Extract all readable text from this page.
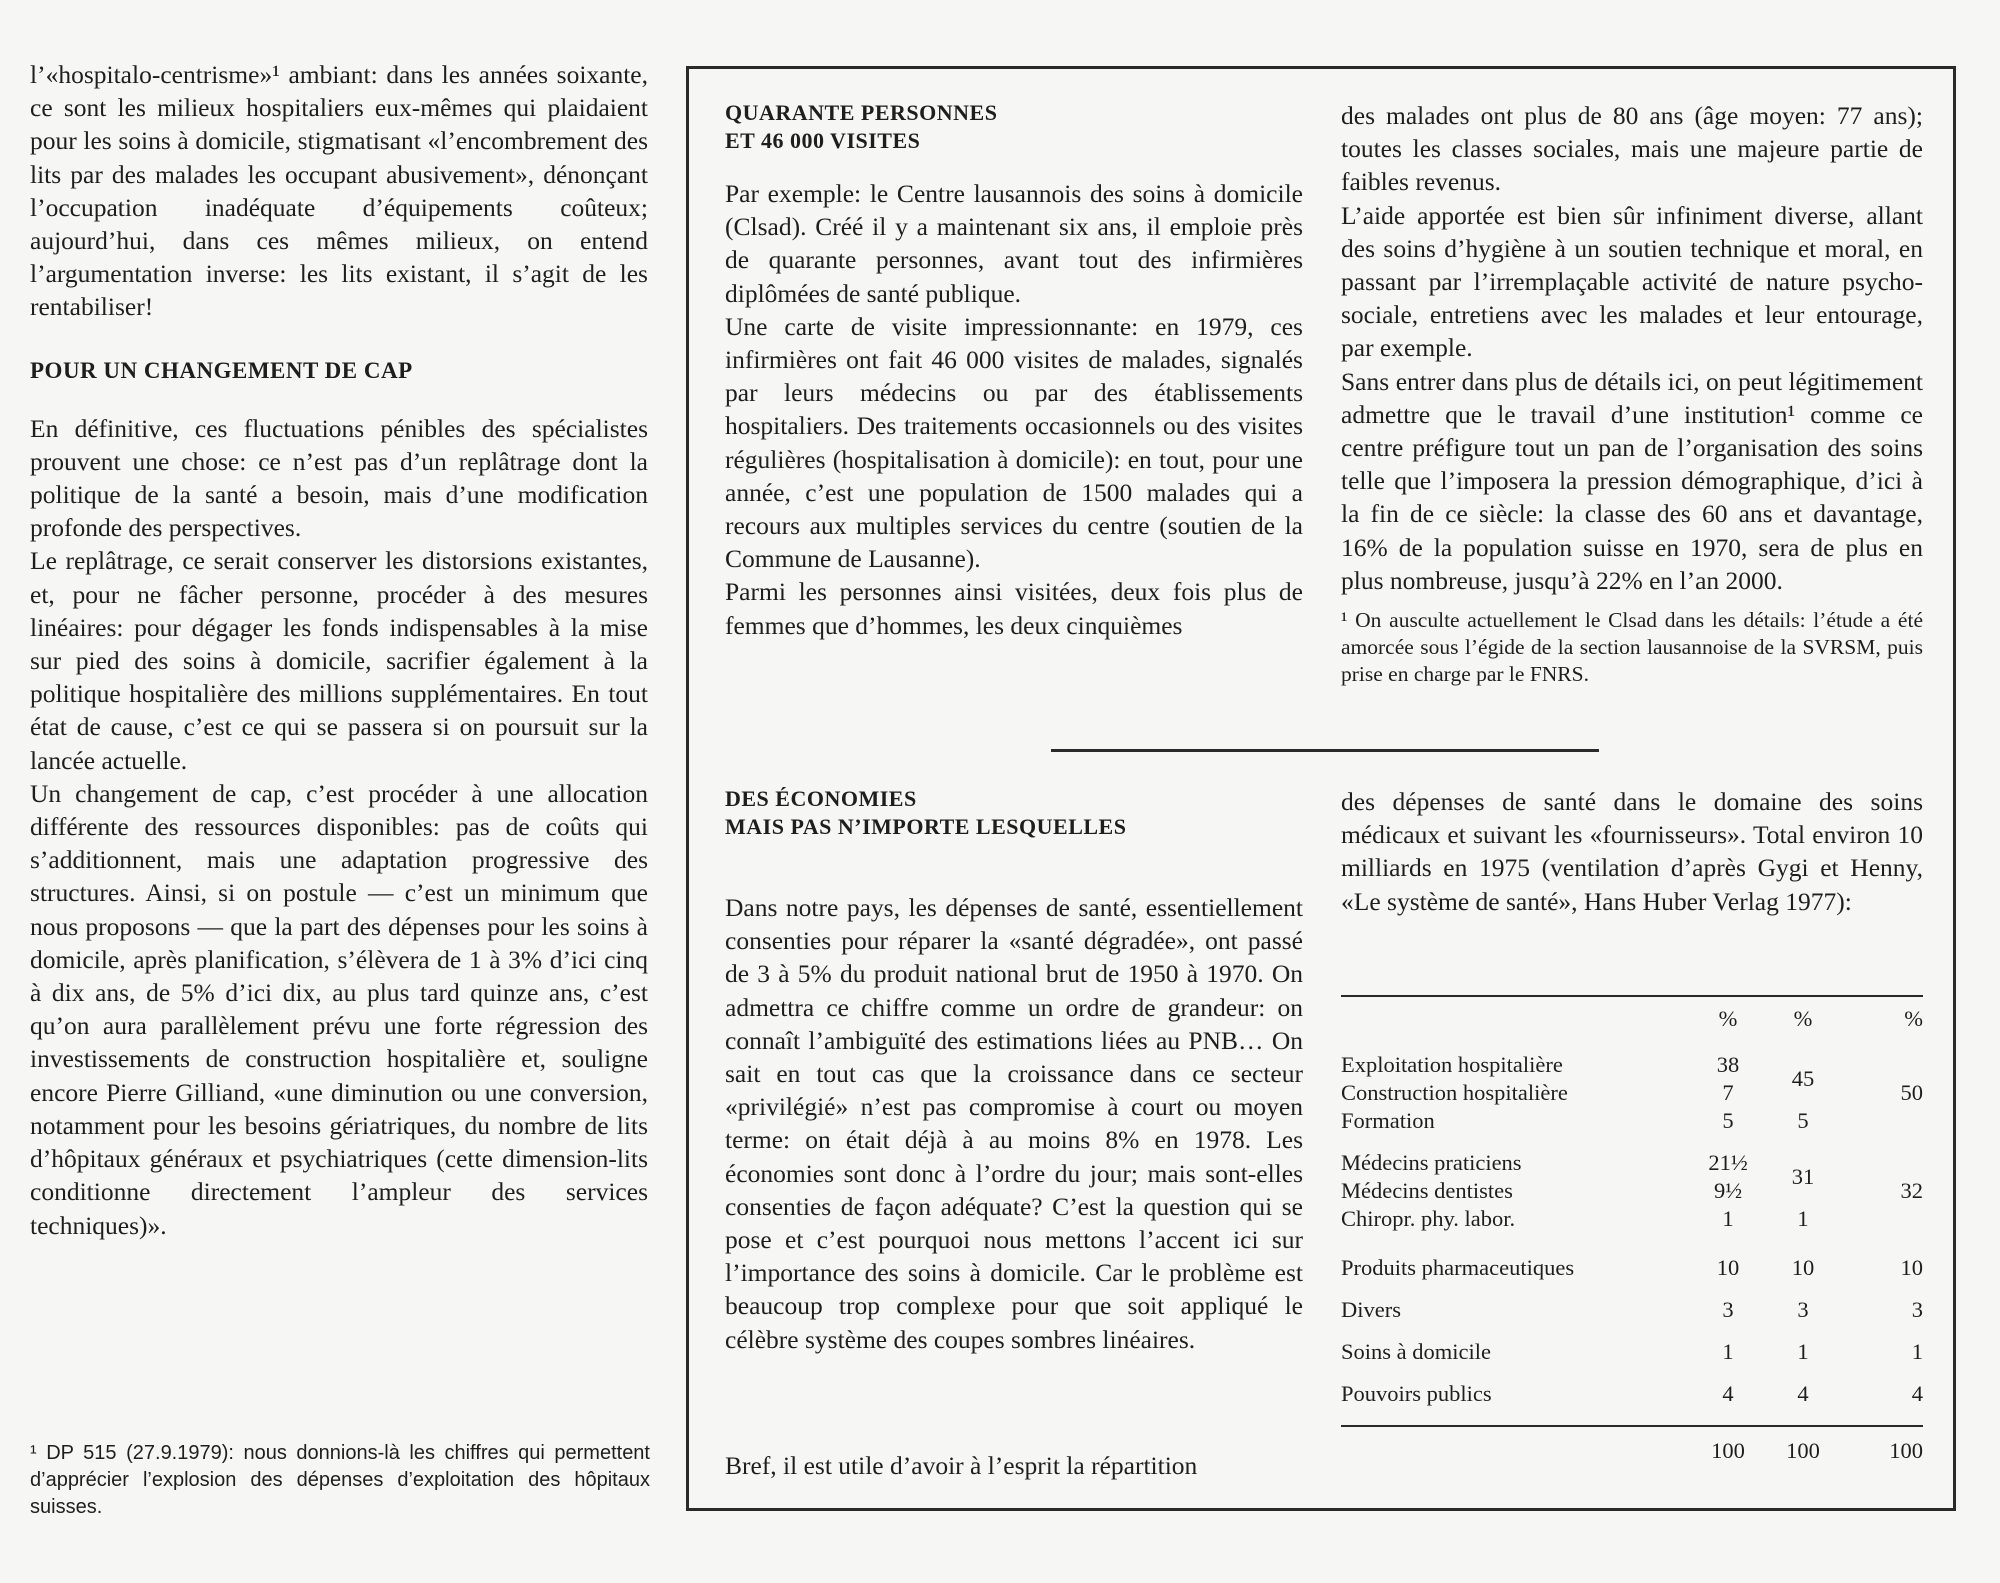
l’«hospitalo-centrisme»¹ ambiant: dans les années soixante, ce sont les milieux hospitaliers eux-mêmes qui plaidaient pour les soins à domicile, stigmatisant «l’encombrement des lits par des malades les occupant abusivement», dénonçant l’occupation inadéquate d’équipements coûteux; aujourd’hui, dans ces mêmes milieux, on entend l’argumentation inverse: les lits existant, il s’agit de les rentabiliser!

POUR UN CHANGEMENT DE CAP

En définitive, ces fluctuations pénibles des spécialistes prouvent une chose: ce n’est pas d’un replâtrage dont la politique de la santé a besoin, mais d’une modification profonde des perspectives.

Le replâtrage, ce serait conserver les distorsions existantes, et, pour ne fâcher personne, procéder à des mesures linéaires: pour dégager les fonds indispensables à la mise sur pied des soins à domicile, sacrifier également à la politique hospitalière des millions supplémentaires. En tout état de cause, c’est ce qui se passera si on poursuit sur la lancée actuelle.

Un changement de cap, c’est procéder à une allocation différente des ressources disponibles: pas de coûts qui s’additionnent, mais une adaptation progressive des structures. Ainsi, si on postule — c’est un minimum que nous proposons — que la part des dépenses pour les soins à domicile, après planification, s’élèvera de 1 à 3% d’ici cinq à dix ans, de 5% d’ici dix, au plus tard quinze ans, c’est qu’on aura parallèlement prévu une forte régression des investissements de construction hospitalière et, souligne encore Pierre Gilliand, «une diminution ou une conversion, notamment pour les besoins gériatriques, du nombre de lits d’hôpitaux généraux et psychiatriques (cette dimension-lits conditionne directement l’ampleur des services techniques)».

¹ DP 515 (27.9.1979): nous donnions-là les chiffres qui permettent d’apprécier l’explosion des dépenses d’exploitation des hôpitaux suisses.
QUARANTE PERSONNES
ET 46 000 VISITES

Par exemple: le Centre lausannois des soins à domicile (Clsad). Créé il y a maintenant six ans, il emploie près de quarante personnes, avant tout des infirmières diplômées de santé publique.

Une carte de visite impressionnante: en 1979, ces infirmières ont fait 46 000 visites de malades, signalés par leurs médecins ou par des établissements hospitaliers. Des traitements occasionnels ou des visites régulières (hospitalisation à domicile): en tout, pour une année, c’est une population de 1500 malades qui a recours aux multiples services du centre (soutien de la Commune de Lausanne).

Parmi les personnes ainsi visitées, deux fois plus de femmes que d’hommes, les deux cinquièmes

des malades ont plus de 80 ans (âge moyen: 77 ans); toutes les classes sociales, mais une majeure partie de faibles revenus.

L’aide apportée est bien sûr infiniment diverse, allant des soins d’hygiène à un soutien technique et moral, en passant par l’irremplaçable activité de nature psycho-sociale, entretiens avec les malades et leur entourage, par exemple.

Sans entrer dans plus de détails ici, on peut légitimement admettre que le travail d’une institution¹ comme ce centre préfigure tout un pan de l’organisation des soins telle que l’imposera la pression démographique, d’ici à la fin de ce siècle: la classe des 60 ans et davantage, 16% de la population suisse en 1970, sera de plus en plus nombreuse, jusqu’à 22% en l’an 2000.

¹ On ausculte actuellement le Clsad dans les détails: l’étude a été amorcée sous l’égide de la section lausannoise de la SVRSM, puis prise en charge par le FNRS.

DES ÉCONOMIES
MAIS PAS N’IMPORTE LESQUELLES

Dans notre pays, les dépenses de santé, essentiellement consenties pour réparer la «santé dégradée», ont passé de 3 à 5% du produit national brut de 1950 à 1970. On admettra ce chiffre comme un ordre de grandeur: on connaît l’ambiguïté des estimations liées au PNB… On sait en tout cas que la croissance dans ce secteur «privilégié» n’est pas compromise à court ou moyen terme: on était déjà à au moins 8% en 1978. Les économies sont donc à l’ordre du jour; mais sont-elles consenties de façon adéquate? C’est la question qui se pose et c’est pourquoi nous mettons l’accent ici sur l’importance des soins à domicile. Car le problème est beaucoup trop complexe pour que soit appliqué le célèbre système des coupes sombres linéaires.

Bref, il est utile d’avoir à l’esprit la répartition

des dépenses de santé dans le domaine des soins médicaux et suivant les «fournisseurs». Total environ 10 milliards en 1975 (ventilation d’après Gygi et Henny, «Le système de santé», Hans Huber Verlag 1977):

	%	%	%

Exploitation hospitalière	38	45	50
Construction hospitalière	7		
Formation	5	5	

Médecins praticiens	21½	31	32
Médecins dentistes	9½		
Chiropr. phy. labor.	1	1	

Produits pharmaceutiques	10	10	10
Divers	3	3	3
Soins à domicile	1	1	1
Pouvoirs publics	4	4	4

	100	100	100
